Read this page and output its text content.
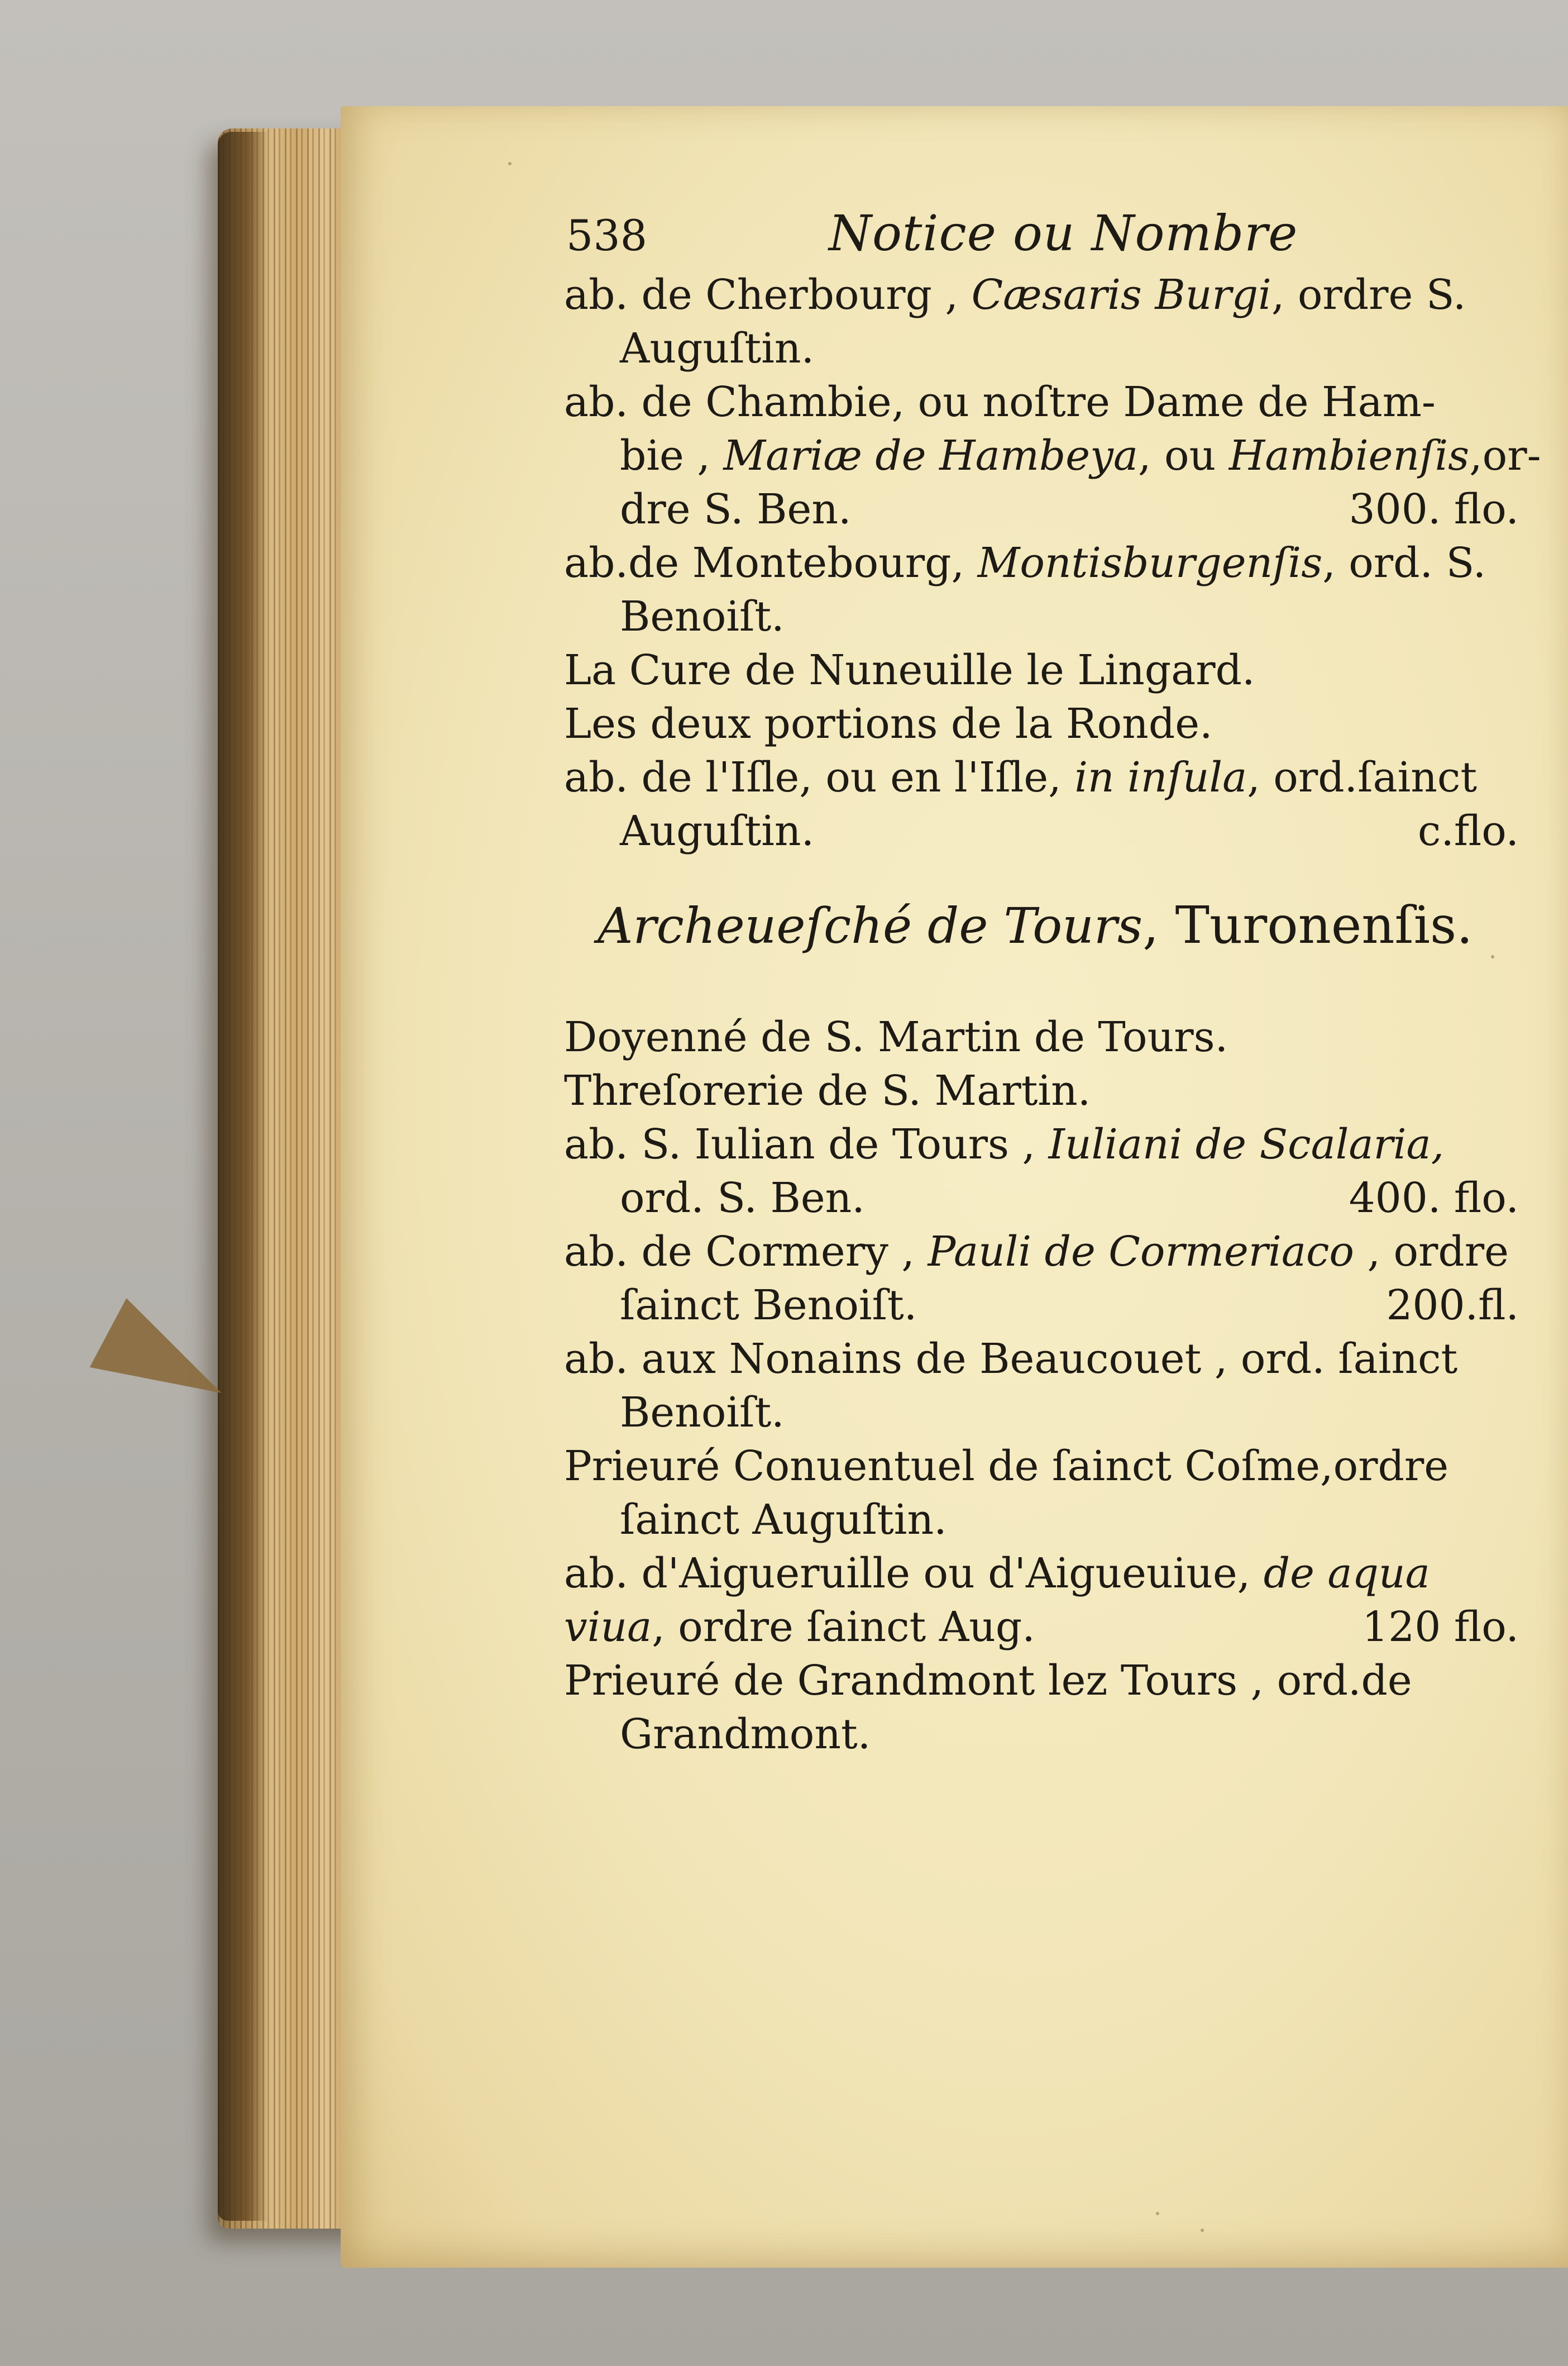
538	Notice ou Nombre
ab. de Cherbourg , Cæsaris Burgi, ordre S.
Auguſtin.
ab. de Chambie, ou noſtre Dame de Ham-
bie , Mariæ de Hambeya, ou Hambienſis,or-
dre S. Ben.	300. flo.
ab.de Montebourg, Montisburgenſis, ord. S.
Benoiſt.
La Cure de Nuneuille le Lingard.
Les deux portions de la Ronde.
ab. de l'Iſle, ou en l'Iſle, in inſula, ord.ſainct
Auguſtin.	c.flo.
Archeueſché de Tours, Turonenſis.
Doyenné de S. Martin de Tours.
Threſorerie de S. Martin.
ab. S. Iulian de Tours , Iuliani de Scalaria,
ord. S. Ben.	400. flo.
ab. de Cormery , Pauli de Cormeriaco , ordre
ſainct Benoiſt.	200.fl.
ab. aux Nonains de Beaucouet , ord. ſainct
Benoiſt.
Prieuré Conuentuel de ſainct Coſme,ordre
ſainct Auguſtin.
ab. d'Aigueruille ou d'Aigueuiue, de aqua
viua, ordre ſainct Aug.	120 flo.
Prieuré de Grandmont lez Tours , ord.de
Grandmont.
